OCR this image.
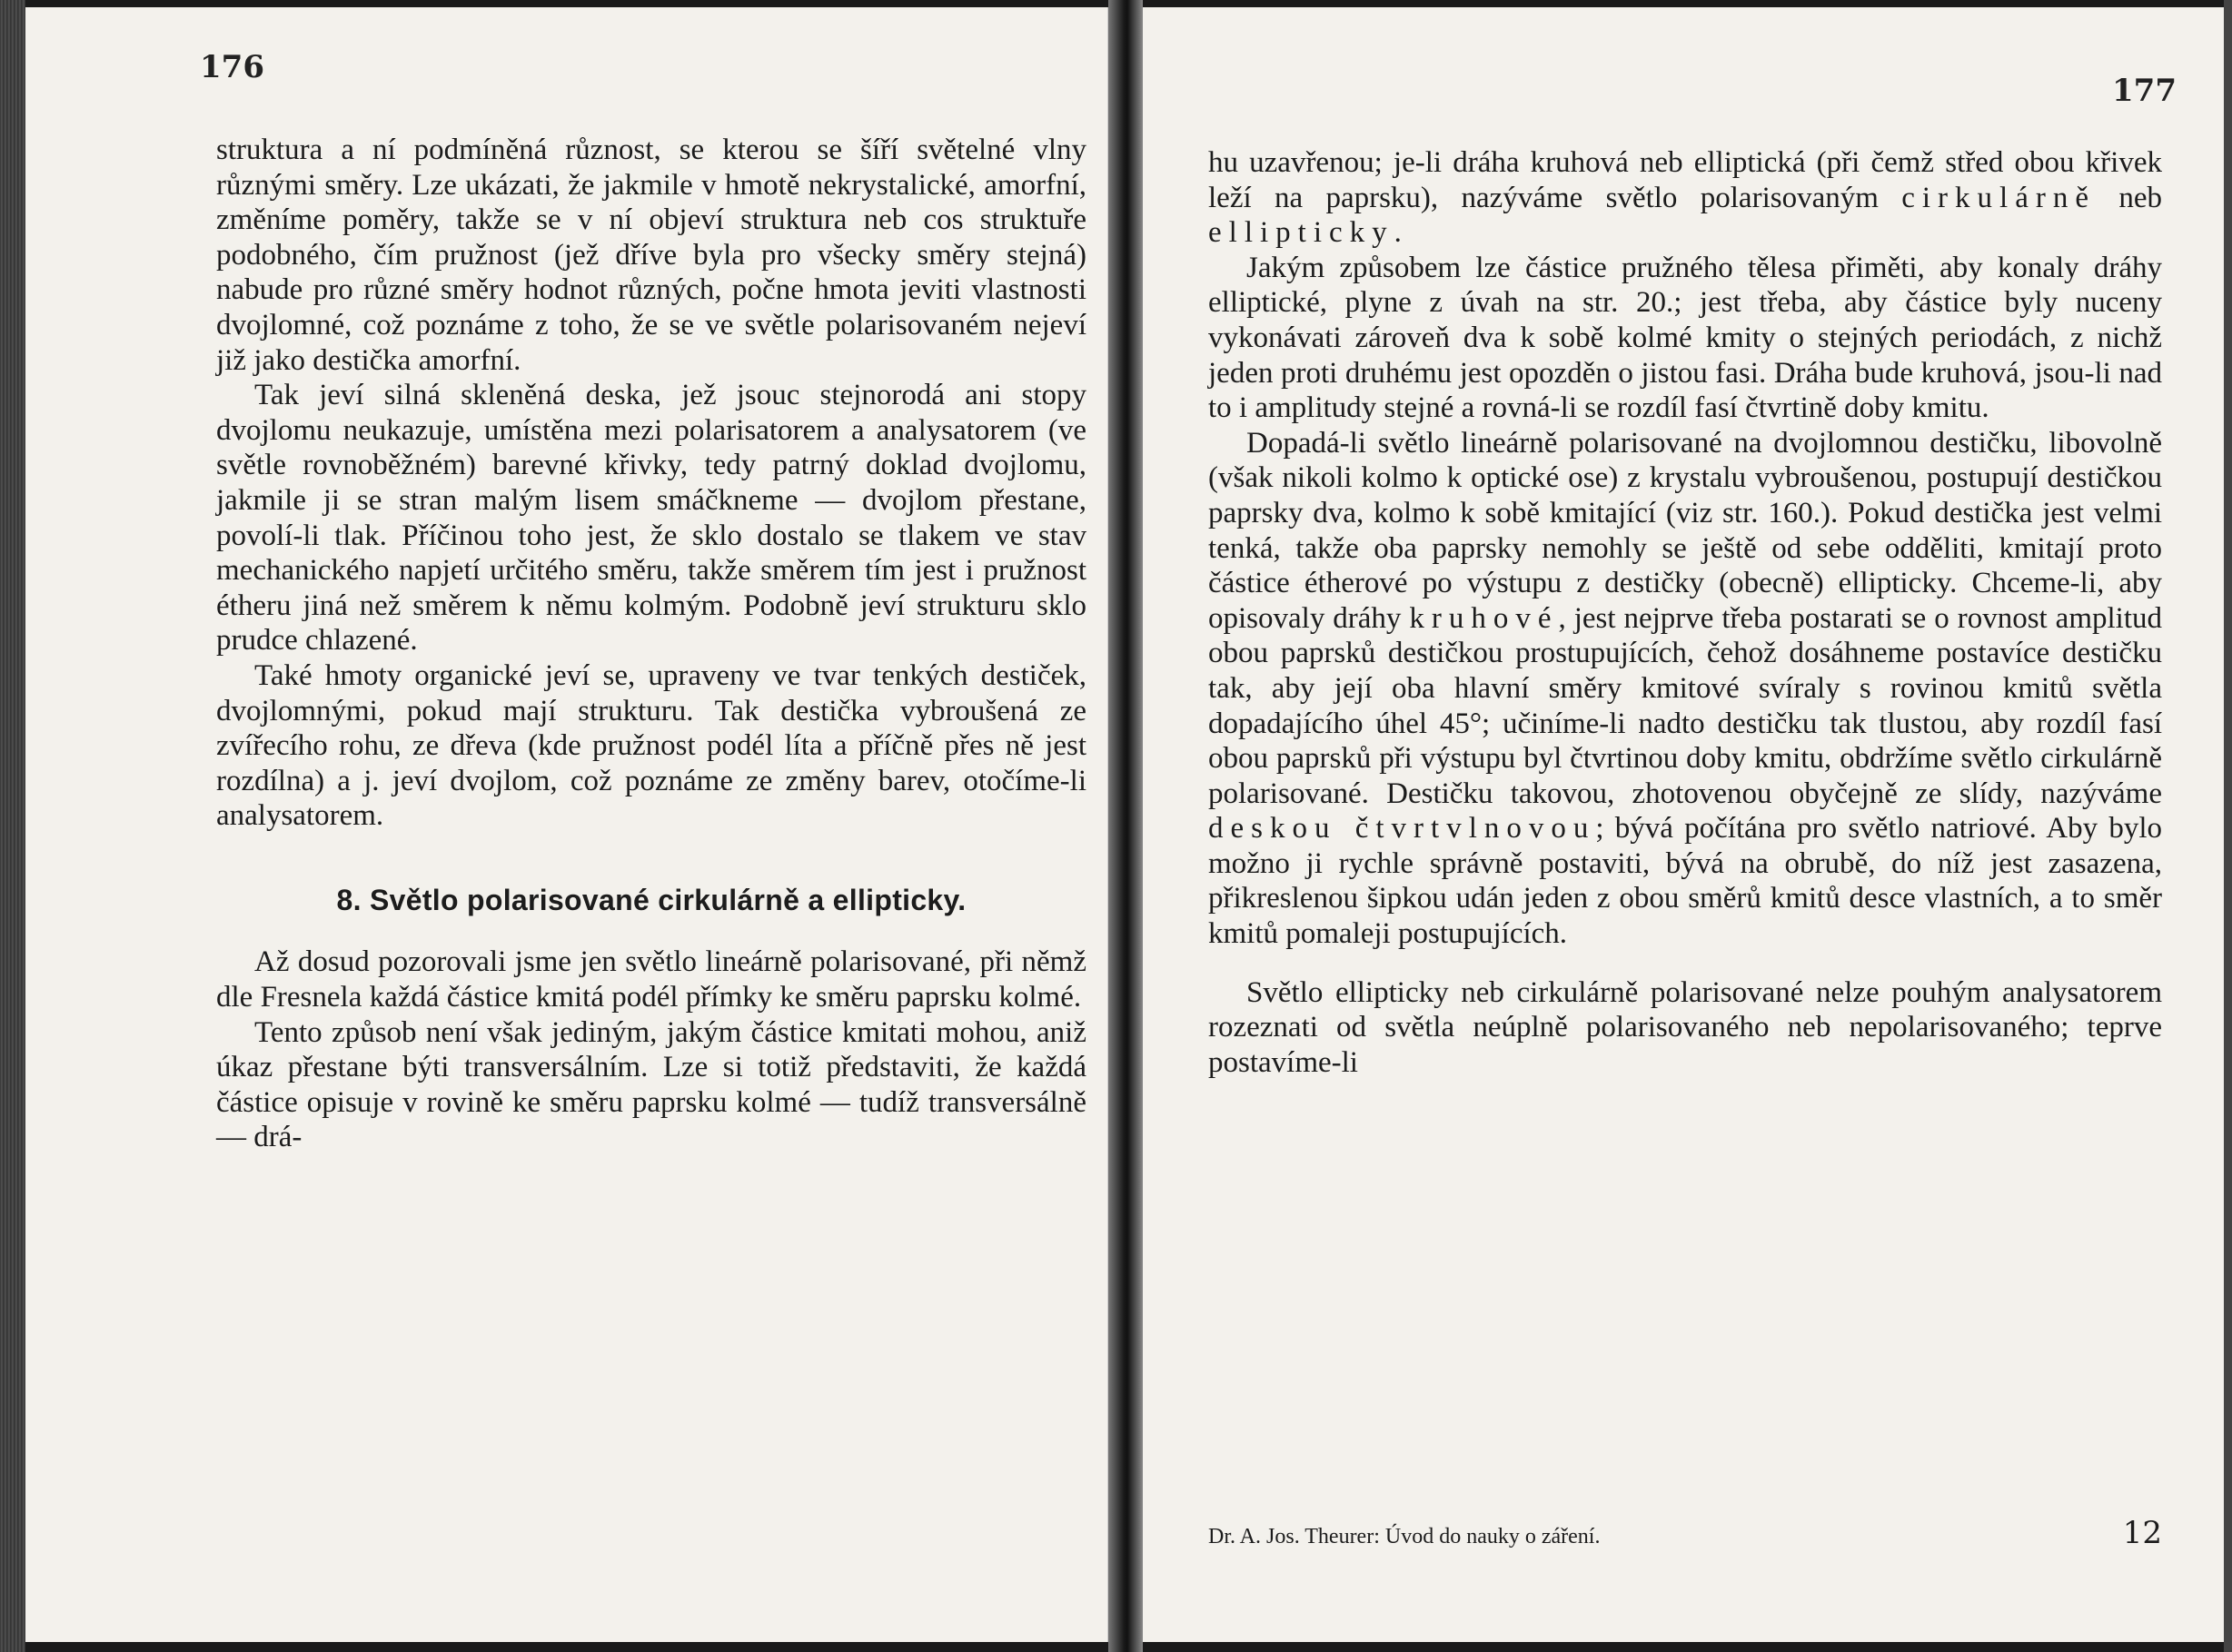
176

struktura a ní podmíněná různost, se kterou se šíří světelné vlny různými směry. Lze ukázati, že jakmile v hmotě nekrystalické, amorfní, změníme poměry, takže se v ní objeví struktura neb cos struktuře podobného, čím pružnost (jež dříve byla pro všecky směry stejná) nabude pro různé směry hodnot různých, počne hmota jeviti vlastnosti dvojlomné, což poznáme z toho, že se ve světle polarisovaném nejeví již jako destička amorfní.

Tak jeví silná skleněná deska, jež jsouc stejnorodá ani stopy dvojlomu neukazuje, umístěna mezi polarisatorem a analysatorem (ve světle rovnoběžném) barevné křivky, tedy patrný doklad dvojlomu, jakmile ji se stran malým lisem smáčkneme — dvojlom přestane, povolí-li tlak. Příčinou toho jest, že sklo dostalo se tlakem ve stav mechanického napjetí určitého směru, takže směrem tím jest i pružnost étheru jiná než směrem k němu kolmým. Podobně jeví strukturu sklo prudce chlazené.

Také hmoty organické jeví se, upraveny ve tvar tenkých destiček, dvojlomnými, pokud mají strukturu. Tak destička vybroušená ze zvířecího rohu, ze dřeva (kde pružnost podél líta a příčně přes ně jest rozdílna) a j. jeví dvojlom, což poznáme ze změny barev, otočíme-li analysatorem.

8. Světlo polarisované cirkulárně a ellipticky.

Až dosud pozorovali jsme jen světlo lineárně polarisované, při němž dle Fresnela každá částice kmitá podél přímky ke směru paprsku kolmé.

Tento způsob není však jediným, jakým částice kmitati mohou, aniž úkaz přestane býti transversálním. Lze si totiž představiti, že každá částice opisuje v rovině ke směru paprsku kolmé — tudíž transversálně — drá-

177

hu uzavřenou; je-li dráha kruhová neb elliptická (při čemž střed obou křivek leží na paprsku), nazýváme světlo polarisovaným cirkulárně neb ellipticky.

Jakým způsobem lze částice pružného tělesa přiměti, aby konaly dráhy elliptické, plyne z úvah na str. 20.; jest třeba, aby částice byly nuceny vykonávati zároveň dva k sobě kolmé kmity o stejných periodách, z nichž jeden proti druhému jest opozděn o jistou fasi. Dráha bude kruhová, jsou-li nad to i amplitudy stejné a rovná-li se rozdíl fasí čtvrtině doby kmitu.

Dopadá-li světlo lineárně polarisované na dvojlomnou destičku, libovolně (však nikoli kolmo k optické ose) z krystalu vybroušenou, postupují destičkou paprsky dva, kolmo k sobě kmitající (viz str. 160.). Pokud destička jest velmi tenká, takže oba paprsky nemohly se ještě od sebe odděliti, kmitají proto částice étherové po výstupu z destičky (obecně) ellipticky. Chceme-li, aby opisovaly dráhy kruhové, jest nejprve třeba postarati se o rovnost amplitud obou paprsků destičkou prostupujících, čehož dosáhneme postavíce destičku tak, aby její oba hlavní směry kmitové svíraly s rovinou kmitů světla dopadajícího úhel 45°; učiníme-li nadto destičku tak tlustou, aby rozdíl fasí obou paprsků při výstupu byl čtvrtinou doby kmitu, obdržíme světlo cirkulárně polarisované. Destičku takovou, zhotovenou obyčejně ze slídy, nazýváme deskou čtvrtvlnovou; bývá počítána pro světlo natriové. Aby bylo možno ji rychle správně postaviti, bývá na obrubě, do níž jest zasazena, přikreslenou šipkou udán jeden z obou směrů kmitů desce vlastních, a to směr kmitů pomaleji postupujících.

Světlo ellipticky neb cirkulárně polarisované nelze pouhým analysatorem rozeznati od světla neúplně polarisovaného neb nepolarisovaného; teprve postavíme-li

Dr. A. Jos. Theurer: Úvod do nauky o záření.	12
